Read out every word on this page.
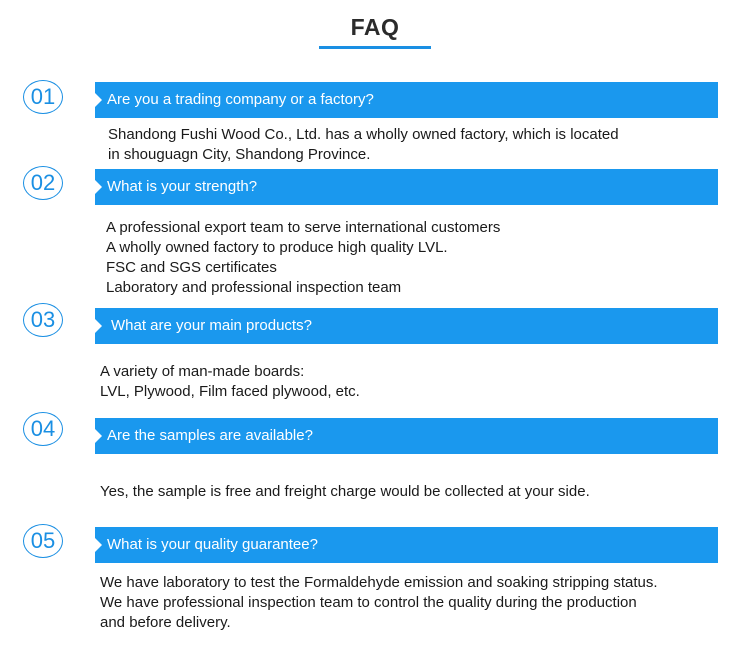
FAQ
01	Are you a trading company or a factory?
Shandong Fushi Wood Co., Ltd. has a wholly owned factory, which is located
in shouguagn City, Shandong Province.
02	What is your strength?
A professional export team to serve international customers
A wholly owned factory to produce high quality LVL.
FSC and SGS certificates
Laboratory and professional inspection team
03	What are your main products?
A variety of man-made boards:
LVL, Plywood, Film faced plywood, etc.
04	Are the samples are available?
Yes, the sample is free and freight charge would be collected at your side.
05	What is your quality guarantee?
We have laboratory to test the Formaldehyde emission and soaking stripping status.
We have professional inspection team to control the quality during the production
and before delivery.
